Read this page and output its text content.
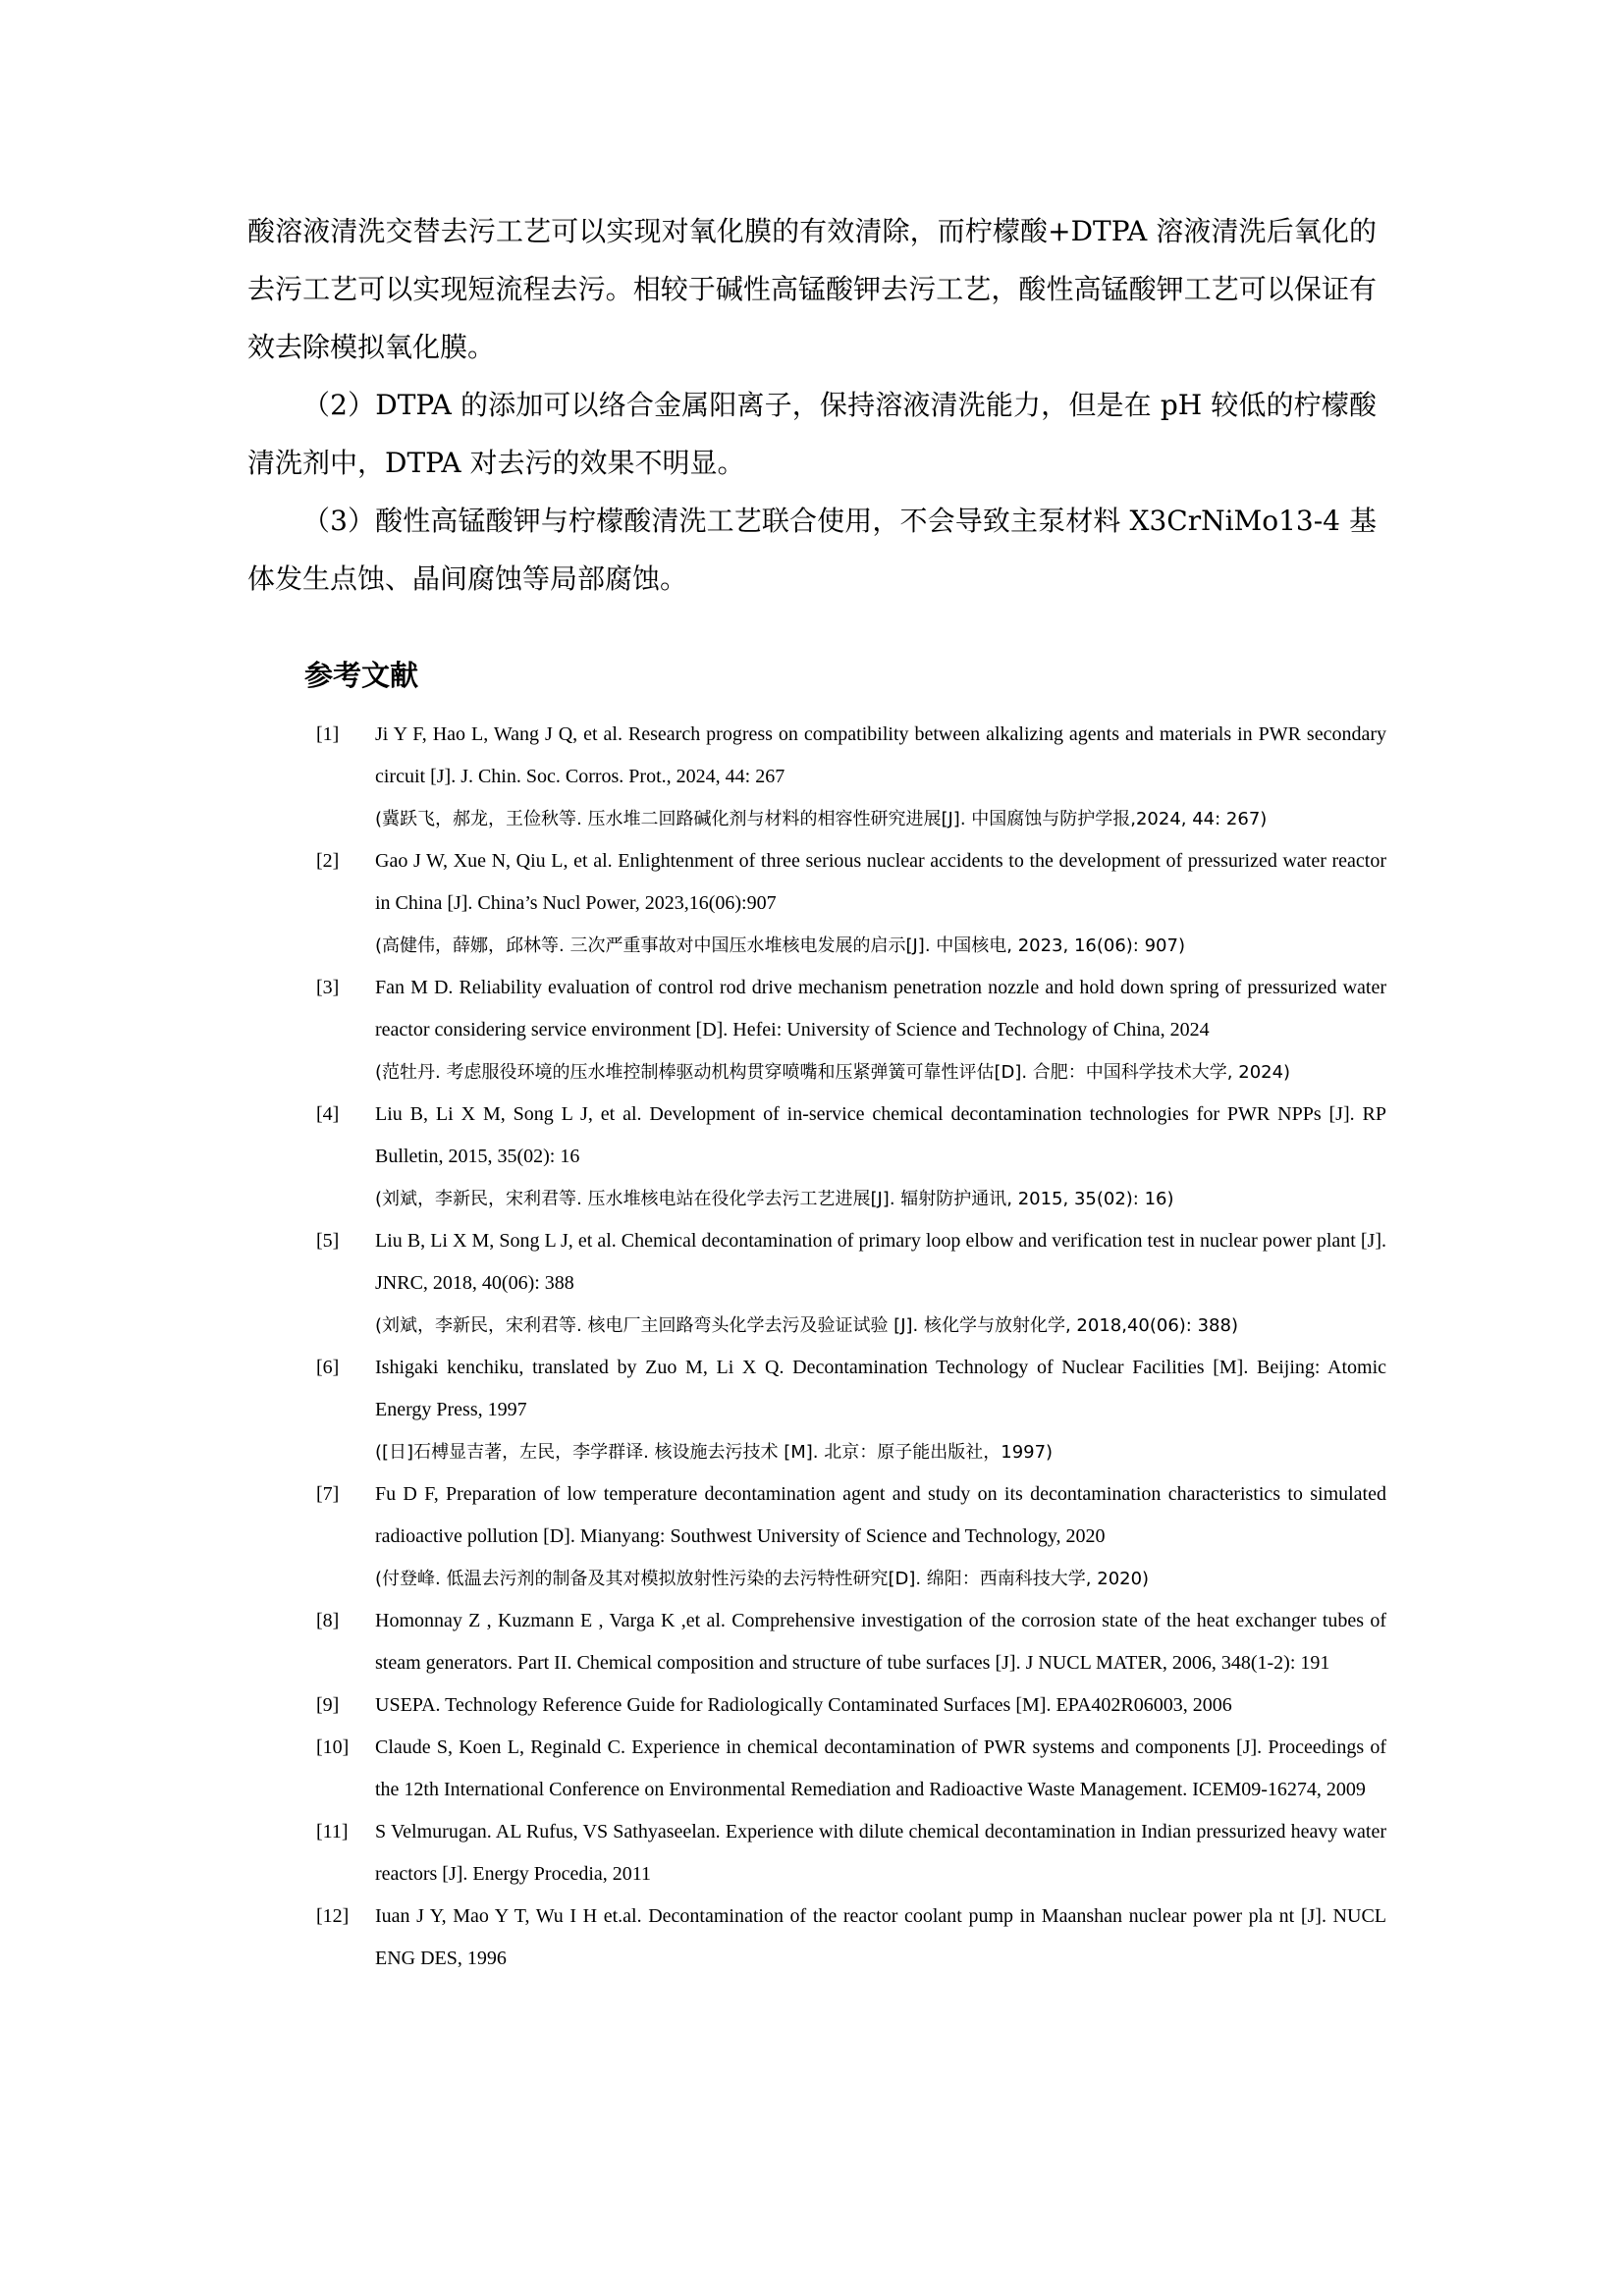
酸溶液清洗交替去污工艺可以实现对氧化膜的有效清除，而柠檬酸+DTPA 溶液清洗后氧化的去污工艺可以实现短流程去污。相较于碱性高锰酸钾去污工艺，酸性高锰酸钾工艺可以保证有效去除模拟氧化膜。

（2）DTPA 的添加可以络合金属阳离子，保持溶液清洗能力，但是在 pH 较低的柠檬酸清洗剂中，DTPA 对去污的效果不明显。

（3）酸性高锰酸钾与柠檬酸清洗工艺联合使用，不会导致主泵材料 X3CrNiMo13-4 基体发生点蚀、晶间腐蚀等局部腐蚀。

参考文献
[1]	Ji Y F, Hao L, Wang J Q, et al. Research progress on compatibility between alkalizing agents and materials in PWR secondary circuit [J]. J. Chin. Soc. Corros. Prot., 2024, 44: 267
(冀跃飞，郝龙，王俭秋等. 压水堆二回路碱化剂与材料的相容性研究进展[J]. 中国腐蚀与防护学报,2024, 44: 267)
[2]	Gao J W, Xue N, Qiu L, et al. Enlightenment of three serious nuclear accidents to the development of pressurized water reactor in China [J]. China’s Nucl Power, 2023,16(06):907
(高健伟，薛娜，邱林等. 三次严重事故对中国压水堆核电发展的启示[J]. 中国核电, 2023, 16(06): 907)
[3]	Fan M D. Reliability evaluation of control rod drive mechanism penetration nozzle and hold down spring of pressurized water reactor considering service environment [D]. Hefei: University of Science and Technology of China, 2024
(范牡丹. 考虑服役环境的压水堆控制棒驱动机构贯穿喷嘴和压紧弹簧可靠性评估[D]. 合肥：中国科学技术大学, 2024)
[4]	Liu B, Li X M, Song L J, et al. Development of in-service chemical decontamination technologies for PWR NPPs [J]. RP Bulletin, 2015, 35(02): 16
(刘斌，李新民，宋利君等. 压水堆核电站在役化学去污工艺进展[J]. 辐射防护通讯, 2015, 35(02): 16)
[5]	Liu B, Li X M, Song L J, et al. Chemical decontamination of primary loop elbow and verification test in nuclear power plant [J]. JNRC, 2018, 40(06): 388
(刘斌，李新民，宋利君等. 核电厂主回路弯头化学去污及验证试验 [J]. 核化学与放射化学, 2018,40(06): 388)
[6]	Ishigaki kenchiku, translated by Zuo M, Li X Q. Decontamination Technology of Nuclear Facilities [M]. Beijing: Atomic Energy Press, 1997
([日]石榑显吉著，左民，李学群译. 核设施去污技术 [M]. 北京：原子能出版社，1997)
[7]	Fu D F, Preparation of low temperature decontamination agent and study on its decontamination characteristics to simulated radioactive pollution [D]. Mianyang: Southwest University of Science and Technology, 2020
(付登峰. 低温去污剂的制备及其对模拟放射性污染的去污特性研究[D]. 绵阳：西南科技大学, 2020)
[8]	Homonnay Z , Kuzmann E , Varga K ,et al. Comprehensive investigation of the corrosion state of the heat exchanger tubes of steam generators. Part II. Chemical composition and structure of tube surfaces [J]. J NUCL MATER, 2006, 348(1-2): 191
[9]	USEPA. Technology Reference Guide for Radiologically Contaminated Surfaces [M]. EPA402R06003, 2006
[10]	Claude S, Koen L, Reginald C. Experience in chemical decontamination of PWR systems and components [J]. Proceedings of the 12th International Conference on Environmental Remediation and Radioactive Waste Management. ICEM09-16274, 2009
[11]	S Velmurugan. AL Rufus, VS Sathyaseelan. Experience with dilute chemical decontamination in Indian pressurized heavy water reactors [J]. Energy Procedia, 2011
[12]	Iuan J Y, Mao Y T, Wu I H et.al. Decontamination of the reactor coolant pump in Maanshan nuclear power pla nt [J]. NUCL ENG DES, 1996
